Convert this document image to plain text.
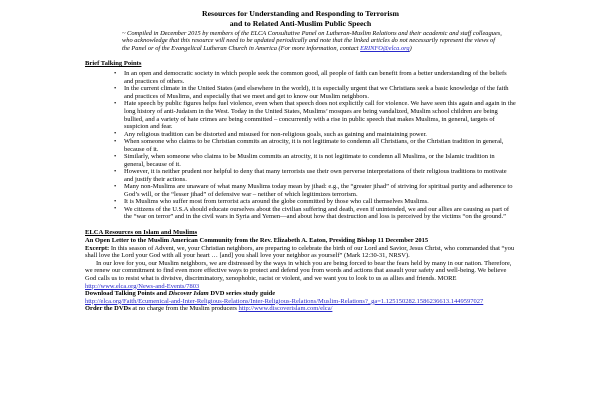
Resources for Understanding and Responding to Terrorism
and to Related Anti-Muslim Public Speech

~ Compiled in December 2015 by members of the ELCA Consultative Panel on Lutheran-Muslim Relations and their academic and staff colleagues, who acknowledge that this resource will need to be updated periodically and note that the linked articles do not necessarily represent the views of the Panel or of the Evangelical Lutheran Church in America (For more information, contact ERINFO@elca.org)

Brief Talking Points
• In an open and democratic society in which people seek the common good, all people of faith can benefit from a better understanding of the beliefs and practices of others.
• In the current climate in the United States (and elsewhere in the world), it is especially urgent that we Christians seek a basic knowledge of the faith and practices of Muslims, and especially that we meet and get to know our Muslim neighbors.
• Hate speech by public figures helps fuel violence, even when that speech does not explicitly call for violence. We have seen this again and again in the long history of anti-Judaism in the West. Today in the United States, Muslims’ mosques are being vandalized, Muslim school children are being bullied, and a variety of hate crimes are being committed – concurrently with a rise in public speech that makes Muslims, in general, targets of suspicion and fear.
• Any religious tradition can be distorted and misused for non-religious goals, such as gaining and maintaining power.
• When someone who claims to be Christian commits an atrocity, it is not legitimate to condemn all Christians, or the Christian tradition in general, because of it.
• Similarly, when someone who claims to be Muslim commits an atrocity, it is not legitimate to condemn all Muslims, or the Islamic tradition in general, because of it.
• However, it is neither prudent nor helpful to deny that many terrorists use their own perverse interpretations of their religious traditions to motivate and justify their actions.
• Many non-Muslims are unaware of what many Muslims today mean by jihad: e.g., the “greater jihad” of striving for spiritual purity and adherence to God’s will, or the “lesser jihad” of defensive war – neither of which legitimizes terrorism.
• It is Muslims who suffer most from terrorist acts around the globe committed by those who call themselves Muslims.
• We citizens of the U.S.A should educate ourselves about the civilian suffering and death, even if unintended, we and our allies are causing as part of the “war on terror” and in the civil wars in Syria and Yemen—and about how that destruction and loss is perceived by the victims “on the ground.”
ELCA Resources on Islam and Muslims
An Open Letter to the Muslim American Community from the Rev. Elizabeth A. Eaton, Presiding Bishop 11 December 2015

Excerpt: In this season of Advent, we, your Christian neighbors, are preparing to celebrate the birth of our Lord and Savior, Jesus Christ, who commanded that “you shall love the Lord your God with all your heart … [and] you shall love your neighbor as yourself” (Mark 12:30-31, NRSV).

In our love for you, our Muslim neighbors, we are distressed by the ways in which you are being forced to bear the fears held by many in our nation. Therefore, we renew our commitment to find even more effective ways to protect and defend you from words and actions that assault your safety and well-being. We believe God calls us to resist what is divisive, discriminatory, xenophobic, racist or violent, and we want you to look to us as allies and friends. MORE http://www.elca.org/News-and-Events/7803

Download Talking Points and Discover Islam DVD series study guide

http://elca.org/Faith/Ecumenical-and-Inter-Religious-Relations/Inter-Religious-Relations/Muslim-Relations?_ga=1.125150282.1586236613.1449597027

Order the DVDs at no charge from the Muslim producers http://www.discoverislam.com/elca/
